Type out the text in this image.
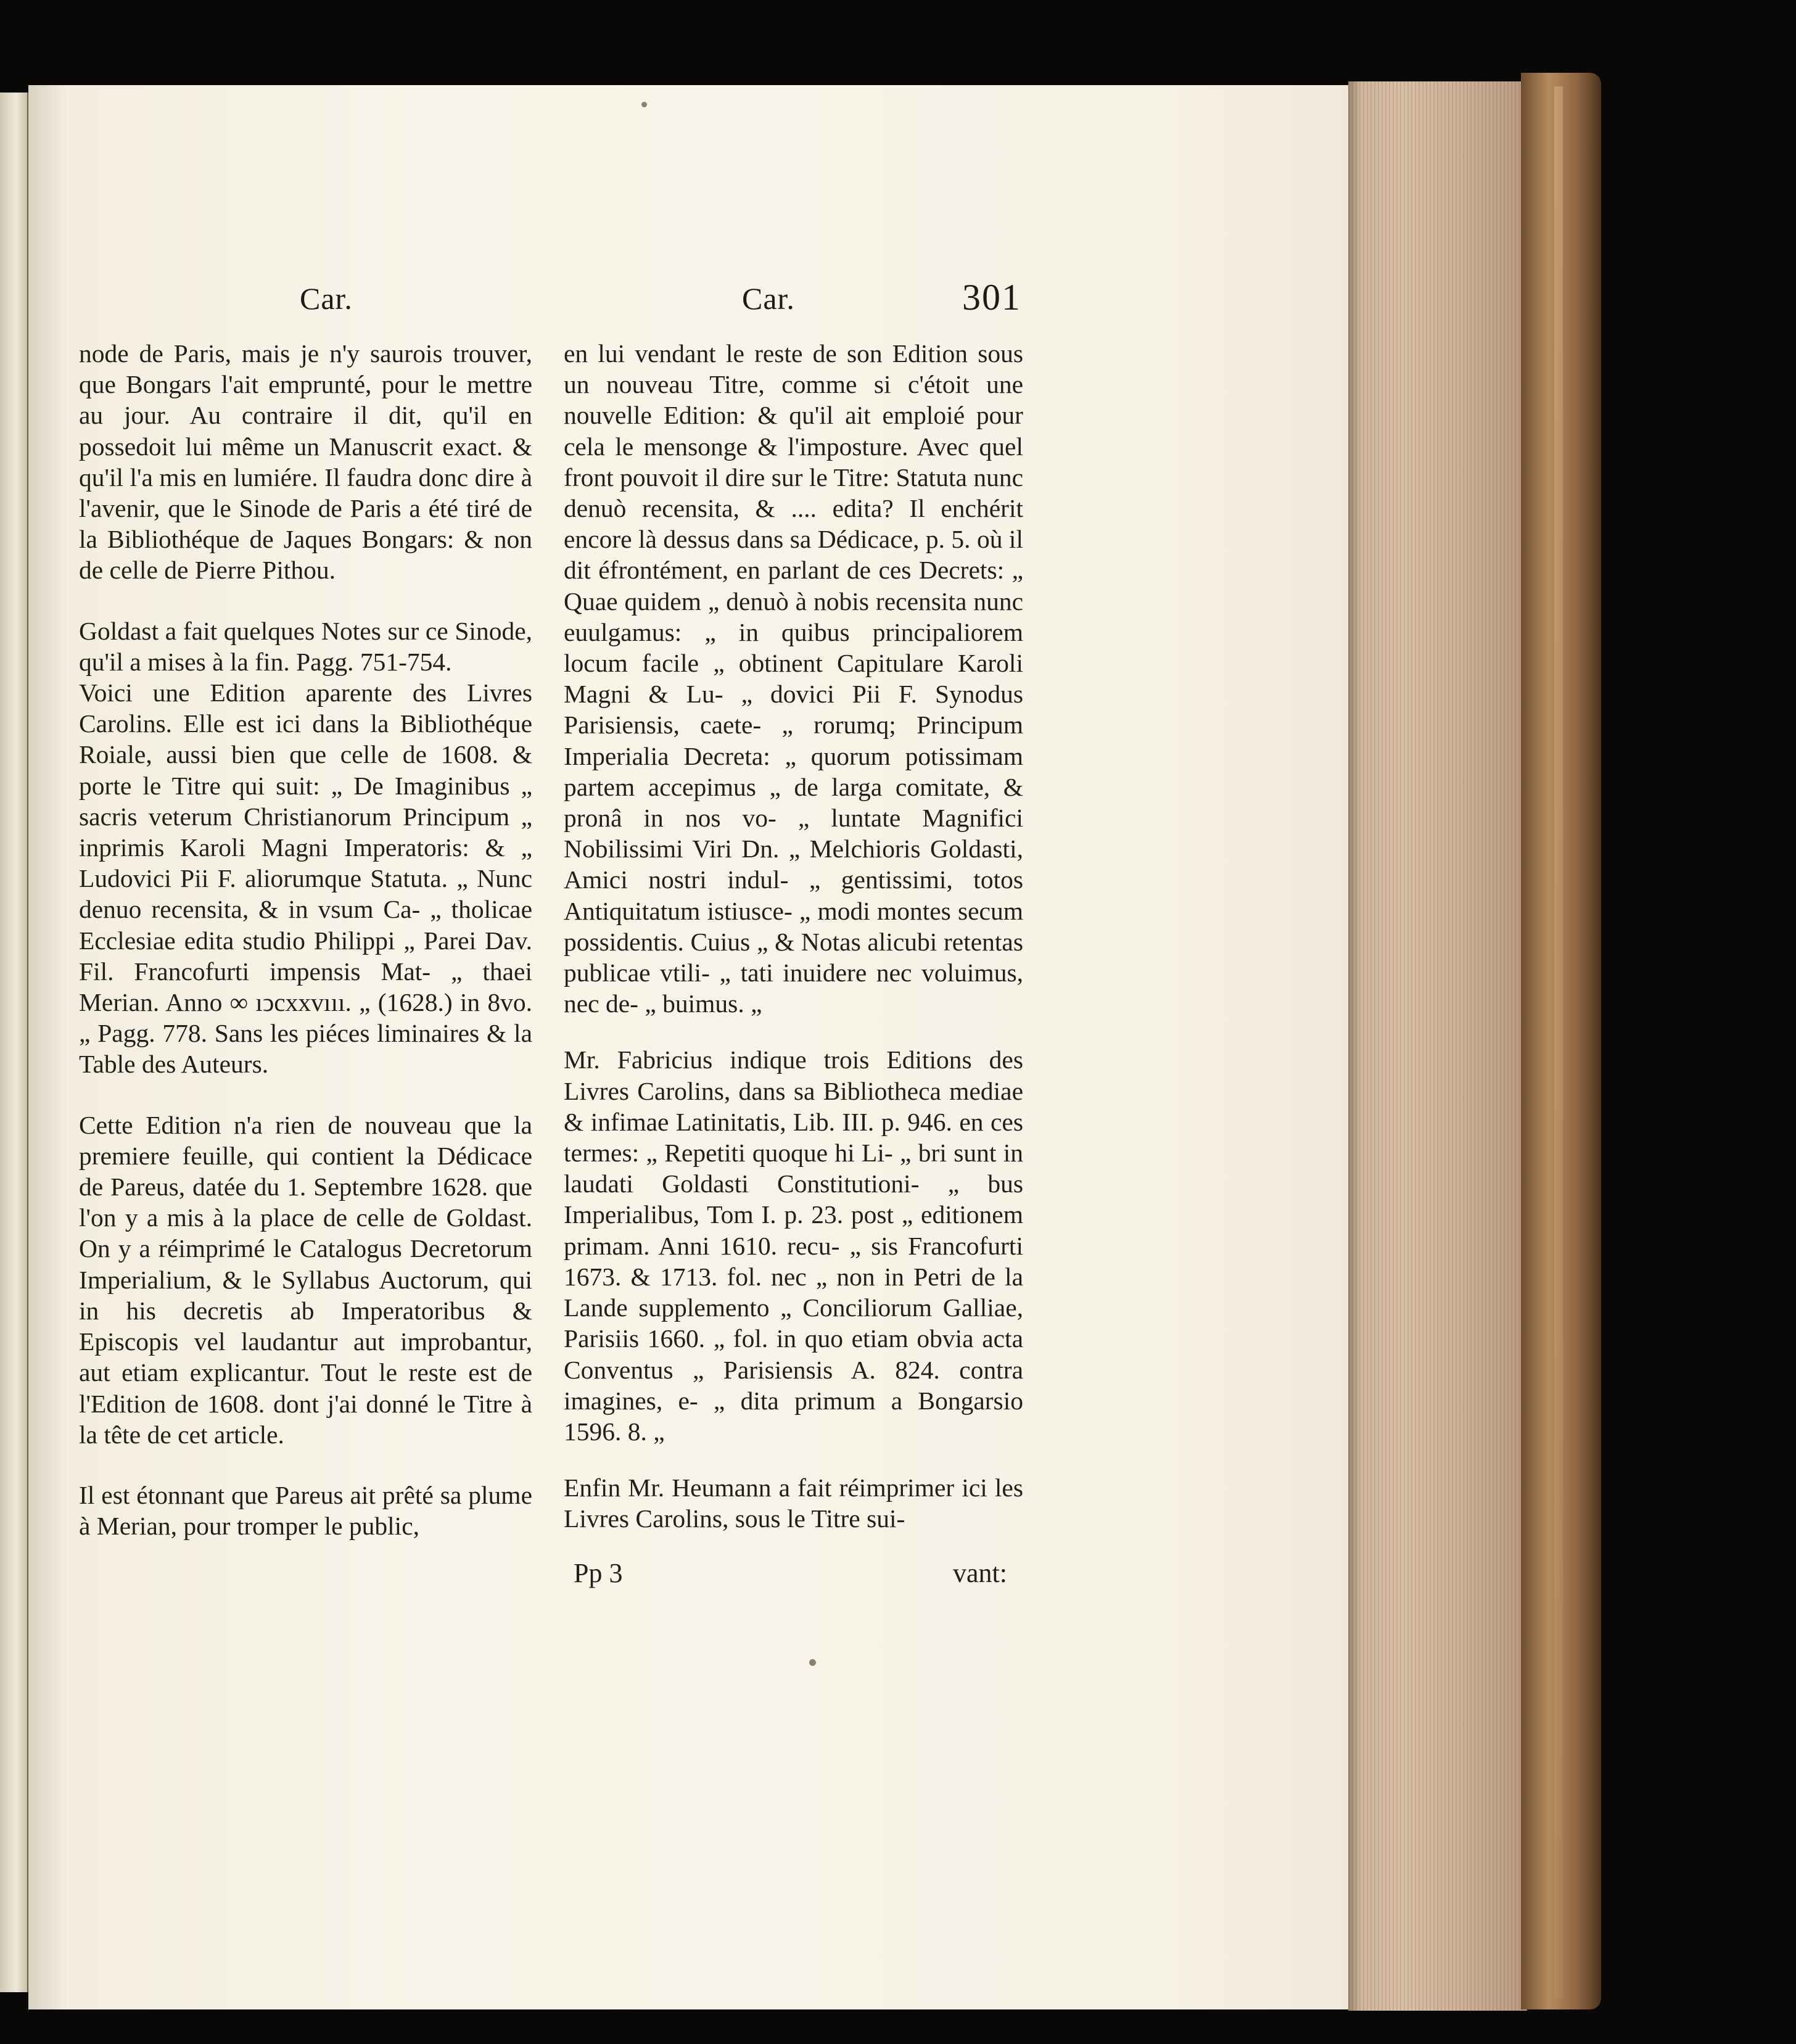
Car.	Car.	301

node de Paris, mais je n'y saurois trouver, que Bongars l'ait emprunté, pour le mettre au jour. Au contraire il dit, qu'il en possedoit lui même un Manuscrit exact. & qu'il l'a mis en lumiére. Il faudra donc dire à l'avenir, que le Sinode de Paris a été tiré de la Bibliothéque de Jaques Bongars: & non de celle de Pierre Pithou.

Goldast a fait quelques Notes sur ce Sinode, qu'il a mises à la fin. Pagg. 751-754.

Voici une Edition aparente des Livres Carolins. Elle est ici dans la Bibliothéque Roiale, aussi bien que celle de 1608. & porte le Titre qui suit: „ De Imaginibus „ sacris veterum Christianorum Principum „ inprimis Karoli Magni Imperatoris: & „ Ludovici Pii F. aliorumque Statuta. „ Nunc denuo recensita, & in vsum Ca- „ tholicae Ecclesiae edita studio Philippi „ Parei Dav. Fil. Francofurti impensis Mat- „ thaei Merian. Anno ∞ ıↄcxxvııı. „ (1628.) in 8vo. „ Pagg. 778. Sans les piéces liminaires & la Table des Auteurs.

Cette Edition n'a rien de nouveau que la premiere feuille, qui contient la Dédicace de Pareus, datée du 1. Septembre 1628. que l'on y a mis à la place de celle de Goldast. On y a réimprimé le Catalogus Decretorum Imperialium, & le Syllabus Auctorum, qui in his decretis ab Imperatoribus & Episcopis vel laudantur aut improbantur, aut etiam explicantur. Tout le reste est de l'Edition de 1608. dont j'ai donné le Titre à la tête de cet article.

Il est étonnant que Pareus ait prêté sa plume à Merian, pour tromper le public,

en lui vendant le reste de son Edition sous un nouveau Titre, comme si c'étoit une nouvelle Edition: & qu'il ait emploié pour cela le mensonge & l'imposture. Avec quel front pouvoit il dire sur le Titre: Statuta nunc denuò recensita, & .... edita? Il enchérit encore là dessus dans sa Dédicace, p. 5. où il dit éfrontément, en parlant de ces Decrets: „ Quae quidem „ denuò à nobis recensita nunc euulgamus: „ in quibus principaliorem locum facile „ obtinent Capitulare Karoli Magni & Lu- „ dovici Pii F. Synodus Parisiensis, caete- „ rorumq; Principum Imperialia Decreta: „ quorum potissimam partem accepimus „ de larga comitate, & pronâ in nos vo- „ luntate Magnifici Nobilissimi Viri Dn. „ Melchioris Goldasti, Amici nostri indul- „ gentissimi, totos Antiquitatum istiusce- „ modi montes secum possidentis. Cuius „ & Notas alicubi retentas publicae vtili- „ tati inuidere nec voluimus, nec de- „ buimus. „

Mr. Fabricius indique trois Editions des Livres Carolins, dans sa Bibliotheca mediae & infimae Latinitatis, Lib. III. p. 946. en ces termes: „ Repetiti quoque hi Li- „ bri sunt in laudati Goldasti Constitutioni- „ bus Imperialibus, Tom I. p. 23. post „ editionem primam. Anni 1610. recu- „ sis Francofurti 1673. & 1713. fol. nec „ non in Petri de la Lande supplemento „ Conciliorum Galliae, Parisiis 1660. „ fol. in quo etiam obvia acta Conventus „ Parisiensis A. 824. contra imagines, e- „ dita primum a Bongarsio 1596. 8. „

Enfin Mr. Heumann a fait réimprimer ici les Livres Carolins, sous le Titre sui-

Pp 3	vant:
